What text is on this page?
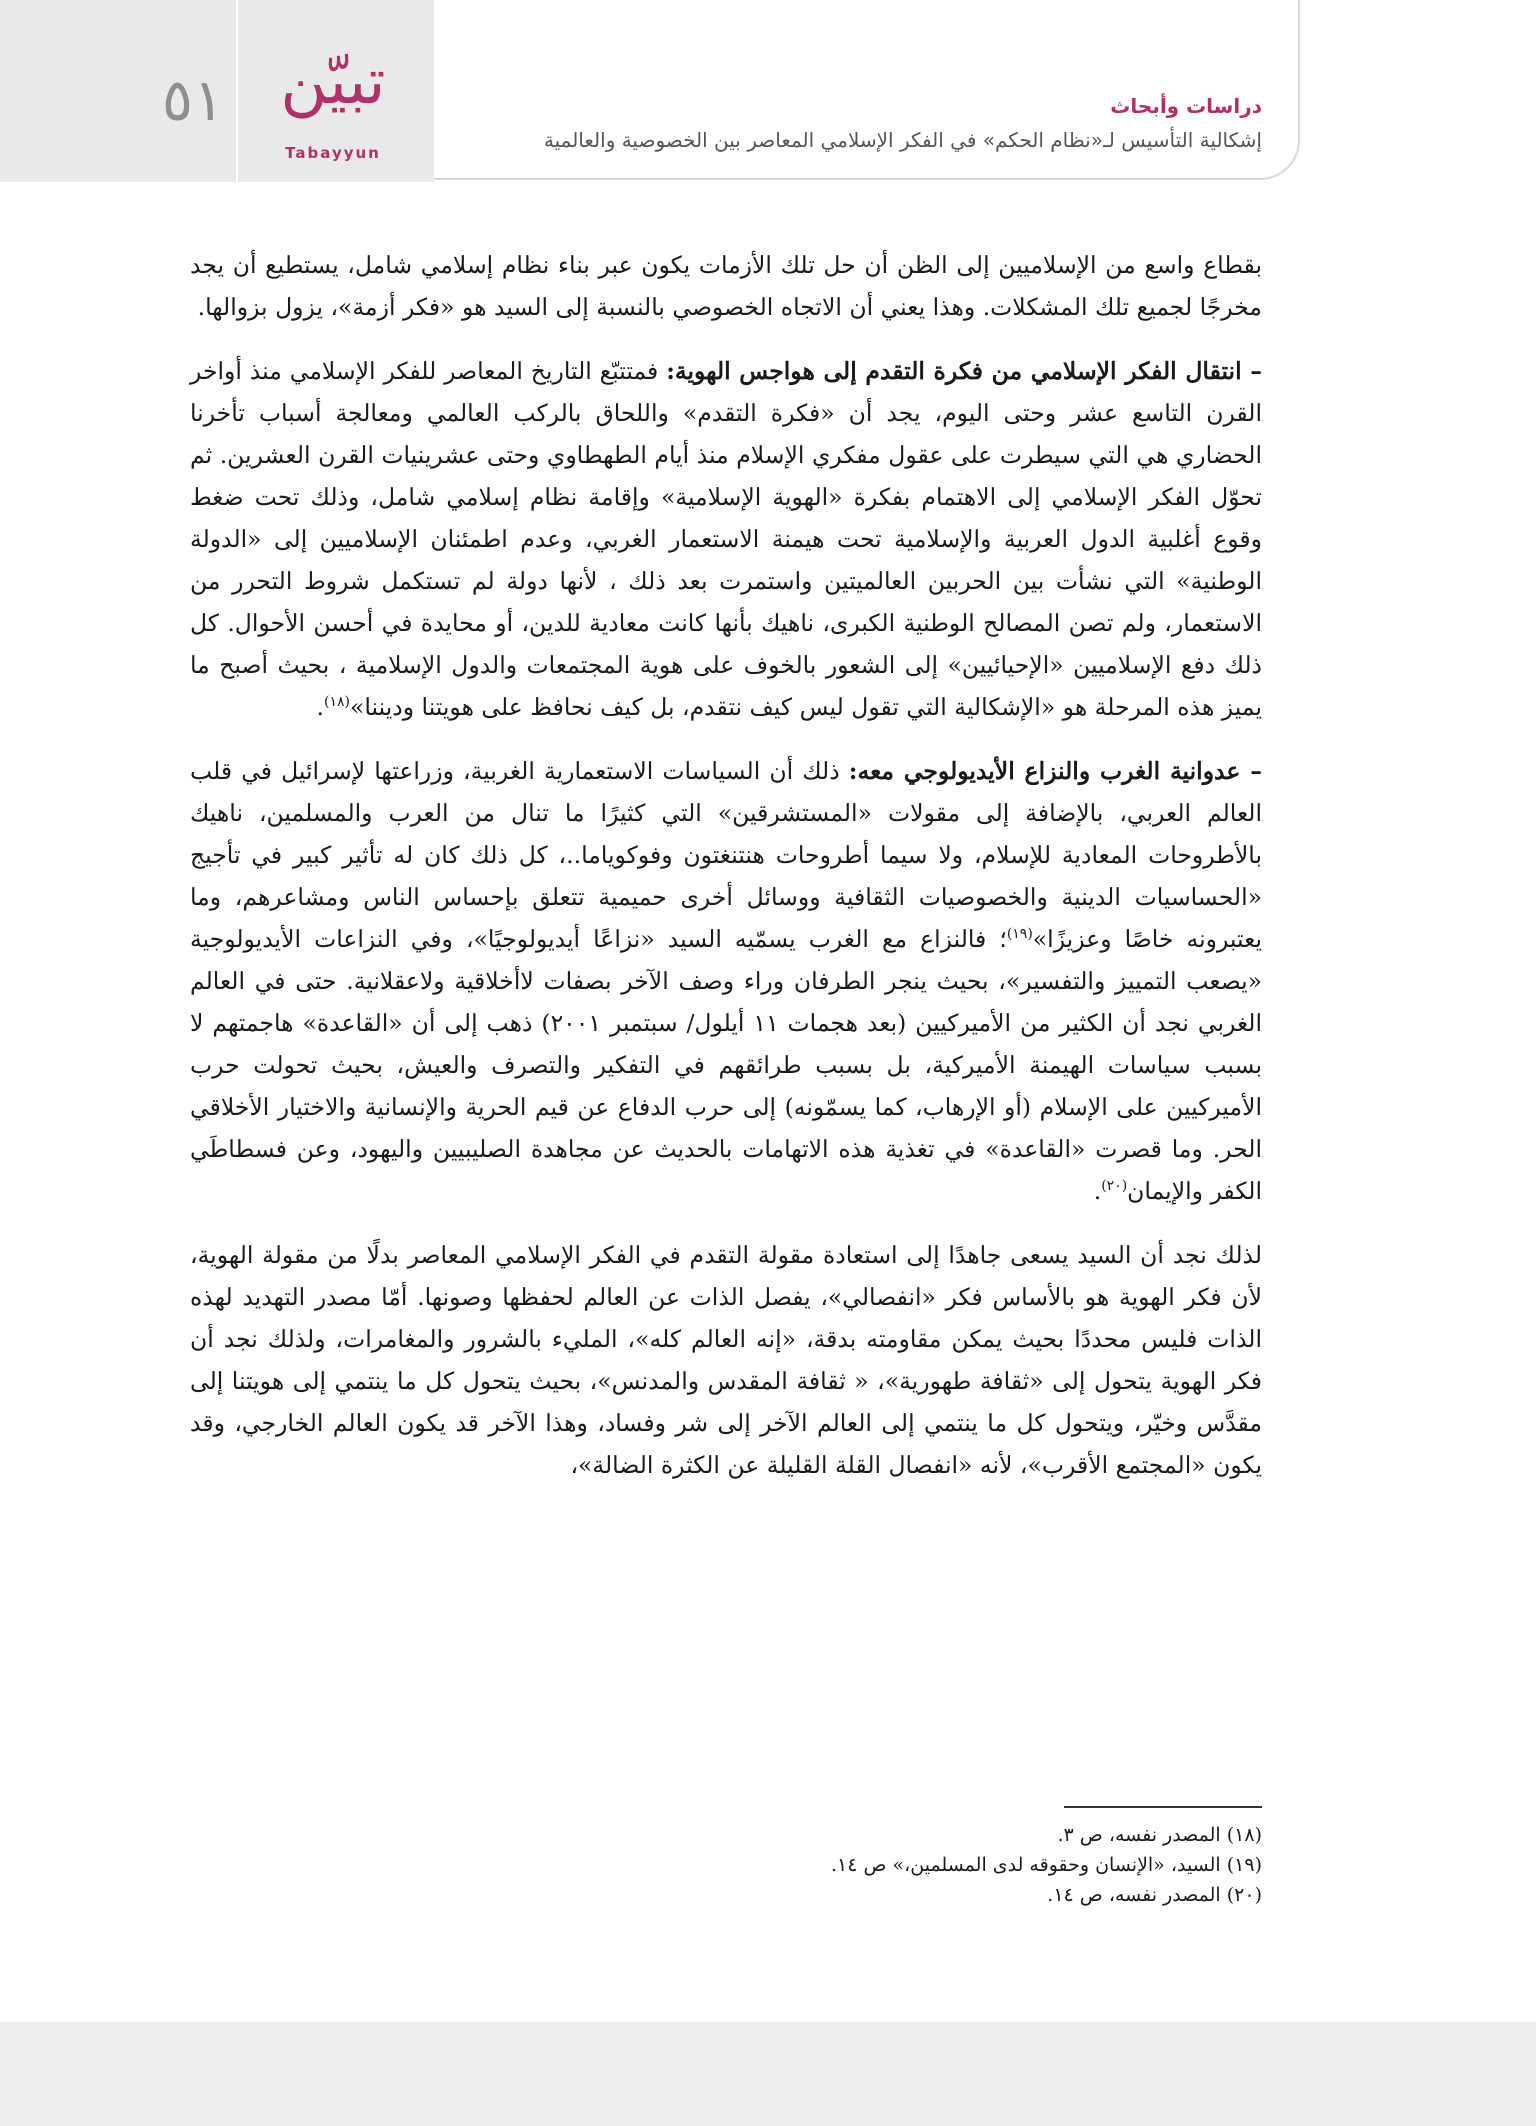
٥١ تبيّن
Tabayyun
دراسات وأبحاث
إشكالية التأسيس لـ«نظام الحكم» في الفكر الإسلامي المعاصر بين الخصوصية والعالمية

بقطاع واسع من الإسلاميين إلى الظن أن حل تلك الأزمات يكون عبر بناء نظام إسلامي شامل، يستطيع أن يجد مخرجًا لجميع تلك المشكلات. وهذا يعني أن الاتجاه الخصوصي بالنسبة إلى السيد هو «فكر أزمة»، يزول بزوالها.

– انتقال الفكر الإسلامي من فكرة التقدم إلى هواجس الهوية: فمتتبّع التاريخ المعاصر للفكر الإسلامي منذ أواخر القرن التاسع عشر وحتى اليوم، يجد أن «فكرة التقدم» واللحاق بالركب العالمي ومعالجة أسباب تأخرنا الحضاري هي التي سيطرت على عقول مفكري الإسلام منذ أيام الطهطاوي وحتى عشرينيات القرن العشرين. ثم تحوّل الفكر الإسلامي إلى الاهتمام بفكرة «الهوية الإسلامية» وإقامة نظام إسلامي شامل، وذلك تحت ضغط وقوع أغلبية الدول العربية والإسلامية تحت هيمنة الاستعمار الغربي، وعدم اطمئنان الإسلاميين إلى «الدولة الوطنية» التي نشأت بين الحربين العالميتين واستمرت بعد ذلك ، لأنها دولة لم تستكمل شروط التحرر من الاستعمار، ولم تصن المصالح الوطنية الكبرى، ناهيك بأنها كانت معادية للدين، أو محايدة في أحسن الأحوال. كل ذلك دفع الإسلاميين «الإحيائيين» إلى الشعور بالخوف على هوية المجتمعات والدول الإسلامية ، بحيث أصبح ما يميز هذه المرحلة هو «الإشكالية التي تقول ليس كيف نتقدم، بل كيف نحافظ على هويتنا وديننا»$^{(١٨)}$.

– عدوانية الغرب والنزاع الأيديولوجي معه: ذلك أن السياسات الاستعمارية الغربية، وزراعتها لإسرائيل في قلب العالم العربي، بالإضافة إلى مقولات «المستشرقين» التي كثيرًا ما تنال من العرب والمسلمين، ناهيك بالأطروحات المعادية للإسلام، ولا سيما أطروحات هنتنغتون وفوكوياما..، كل ذلك كان له تأثير كبير في تأجيج «الحساسيات الدينية والخصوصيات الثقافية ووسائل أخرى حميمية تتعلق بإحساس الناس ومشاعرهم، وما يعتبرونه خاصًا وعزيزًا»$^{(١٩)}$؛ فالنزاع مع الغرب يسمّيه السيد «نزاعًا أيديولوجيًا»، وفي النزاعات الأيديولوجية «يصعب التمييز والتفسير»، بحيث ينجر الطرفان وراء وصف الآخر بصفات لاأخلاقية ولاعقلانية. حتى في العالم الغربي نجد أن الكثير من الأميركيين (بعد هجمات ١١ أيلول/ سبتمبر ٢٠٠١) ذهب إلى أن «القاعدة» هاجمتهم لا بسبب سياسات الهيمنة الأميركية، بل بسبب طرائقهم في التفكير والتصرف والعيش، بحيث تحولت حرب الأميركيين على الإسلام (أو الإرهاب، كما يسمّونه) إلى حرب الدفاع عن قيم الحرية والإنسانية والاختيار الأخلاقي الحر. وما قصرت «القاعدة» في تغذية هذه الاتهامات بالحديث عن مجاهدة الصليبيين واليهود، وعن فسطاطَي الكفر والإيمان$^{(٢٠)}$.

لذلك نجد أن السيد يسعى جاهدًا إلى استعادة مقولة التقدم في الفكر الإسلامي المعاصر بدلًا من مقولة الهوية، لأن فكر الهوية هو بالأساس فكر «انفصالي»، يفصل الذات عن العالم لحفظها وصونها. أمّا مصدر التهديد لهذه الذات فليس محددًا بحيث يمكن مقاومته بدقة، «إنه العالم كله»، المليء بالشرور والمغامرات، ولذلك نجد أن فكر الهوية يتحول إلى «ثقافة طهورية»، « ثقافة المقدس والمدنس»، بحيث يتحول كل ما ينتمي إلى هويتنا إلى مقدَّس وخيّر، ويتحول كل ما ينتمي إلى العالم الآخر إلى شر وفساد، وهذا الآخر قد يكون العالم الخارجي، وقد يكون «المجتمع الأقرب»، لأنه «انفصال القلة القليلة عن الكثرة الضالة»،

(١٨) المصدر نفسه، ص ٣.
(١٩) السيد، «الإنسان وحقوقه لدى المسلمين،» ص ١٤.
(٢٠) المصدر نفسه، ص ١٤.
